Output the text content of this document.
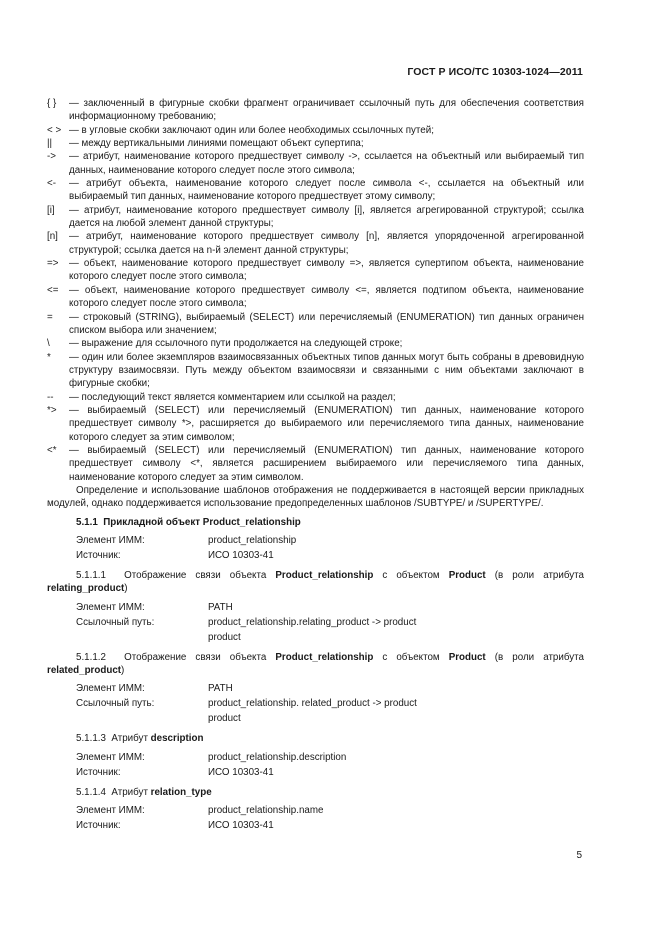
ГОСТ Р ИСО/ТС 10303-1024—2011
{ }	— заключенный в фигурные скобки фрагмент ограничивает ссылочный путь для обеспечения соответствия информационному требованию;
< > — в угловые скобки заключают один или более необходимых ссылочных путей;
||	— между вертикальными линиями помещают объект супертипа;
->	— атрибут, наименование которого предшествует символу ->, ссылается на объектный или выбираемый тип данных, наименование которого следует после этого символа;
<-	— атрибут объекта, наименование которого следует после символа <-, ссылается на объектный или выбираемый тип данных, наименование которого предшествует этому символу;
[i]	— атрибут, наименование которого предшествует символу [i], является агрегированной структурой; ссылка дается на любой элемент данной структуры;
[n]	— атрибут, наименование которого предшествует символу [n], является упорядоченной агрегированной структурой; ссылка дается на n-й элемент данной структуры;
=>	— объект, наименование которого предшествует символу =>, является супертипом объекта, наименование которого следует после этого символа;
<=	— объект, наименование которого предшествует символу <=, является подтипом объекта, наименование которого следует после этого символа;
=	— строковый (STRING), выбираемый (SELECT) или перечисляемый (ENUMERATION) тип данных ограничен списком выбора или значением;
\	— выражение для ссылочного пути продолжается на следующей строке;
*	— один или более экземпляров взаимосвязанных объектных типов данных могут быть собраны в древовидную структуру взаимосвязи. Путь между объектом взаимосвязи и связанными с ним объектами заключают в фигурные скобки;
--	— последующий текст является комментарием или ссылкой на раздел;
*>	— выбираемый (SELECT) или перечисляемый (ENUMERATION) тип данных, наименование которого предшествует символу *>, расширяется до выбираемого или перечисляемого типа данных, наименование которого следует за этим символом;
<*	— выбираемый (SELECT) или перечисляемый (ENUMERATION) тип данных, наименование которого предшествует символу <*, является расширением выбираемого или перечисляемого типа данных, наименование которого следует за этим символом.

Определение и использование шаблонов отображения не поддерживается в настоящей версии прикладных модулей, однако поддерживается использование предопределенных шаблонов /SUBTYPE/ и /SUPERTYPE/.

5.1.1 Прикладной объект Product_relationship
Элемент ИММ:	product_relationship
Источник:	ИСО 10303-41
5.1.1.1 Отображение связи объекта Product_relationship с объектом Product (в роли атрибута relating_product)
Элемент ИММ:	PATH
Ссылочный путь:	product_relationship.relating_product -> product
product
5.1.1.2 Отображение связи объекта Product_relationship с объектом Product (в роли атрибута related_product)
Элемент ИММ:	PATH
Ссылочный путь:	product_relationship. related_product -> product
product
5.1.1.3 Атрибут description
Элемент ИММ:	product_relationship.description
Источник:	ИСО 10303-41
5.1.1.4 Атрибут relation_type
Элемент ИММ:	product_relationship.name
Источник:	ИСО 10303-41
5
